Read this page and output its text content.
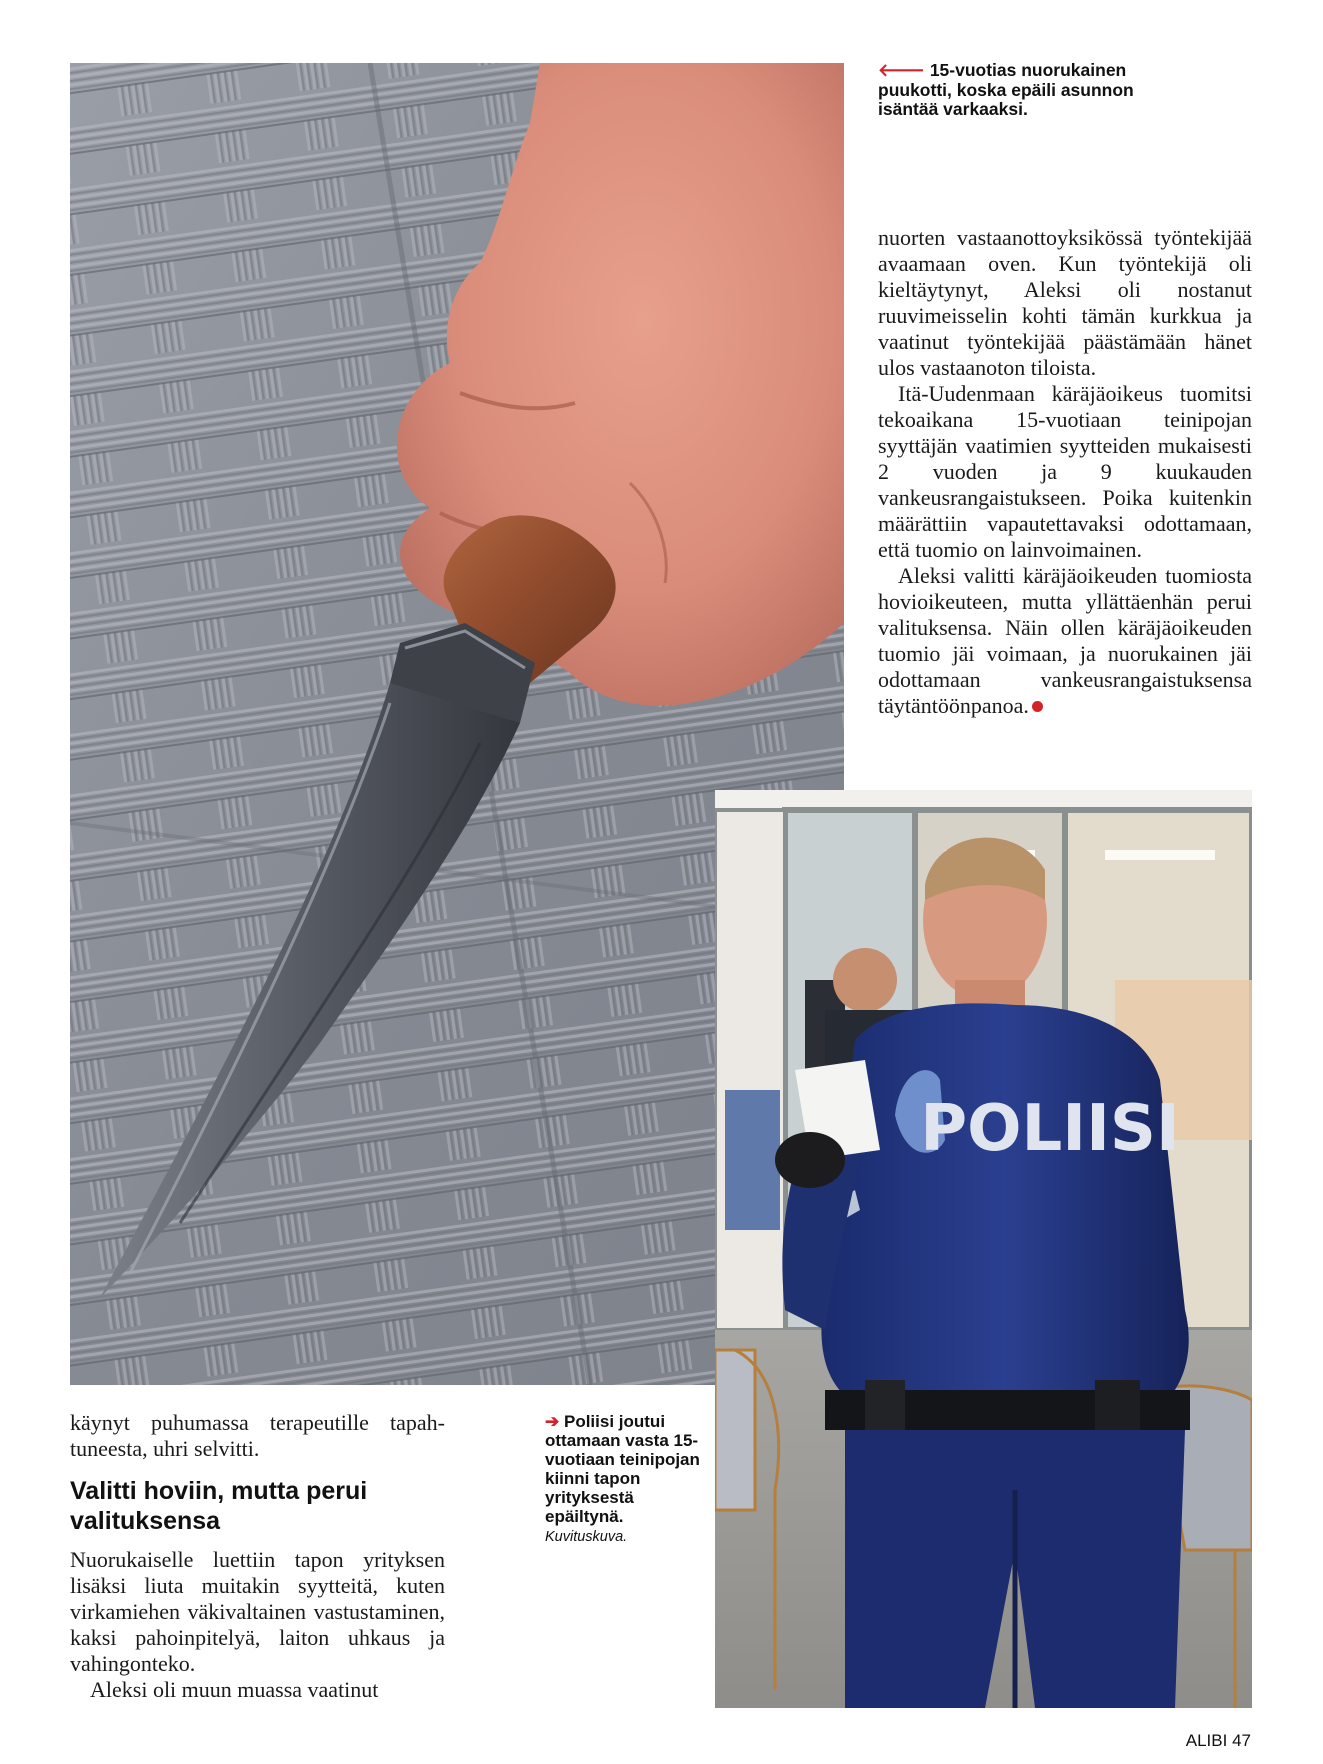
🡐 15-vuotias nuorukainen puukotti, koska epäili asunnon isäntää varkaaksi.

nuorten vastaanottoyksikössä työntekijää avaamaan oven. Kun työntekijä oli kieltäytynyt, Aleksi oli nostanut ruuvimeisselin kohti tämän kurkkua ja vaatinut työntekijää päästämään hänet ulos vastaanoton tiloista.

Itä-Uudenmaan käräjäoikeus tuomitsi tekoaikana 15-vuotiaan teinipojan syyttäjän vaatimien syytteiden mukaisesti 2 vuoden ja 9 kuukauden vankeusrangaistukseen. Poika kuitenkin määrättiin vapautettavaksi odottamaan, että tuomio on lainvoimainen.

Aleksi valitti käräjäoikeuden tuomiosta hovioikeuteen, mutta yllättäenhän perui valituksensa. Näin ollen käräjäoikeuden tuomio jäi voimaan, ja nuorukainen jäi odottamaan vankeusrangaistuksensa täytäntöönpanoa.

POLIISI
➔ Poliisi joutui ottamaan vasta 15-vuotiaan teinipojan kiinni tapon yrityksestä epäiltynä.
Kuvituskuva.

käynyt puhumassa terapeutille tapahtuneesta, uhri selvitti.

Valitti hoviin, mutta perui valituksensa

Nuorukaiselle luettiin tapon yrityksen lisäksi liuta muitakin syytteitä, kuten virkamiehen väkivaltainen vastustaminen, kaksi pahoinpitelyä, laiton uhkaus ja vahingonteko.

Aleksi oli muun muassa vaatinut

ALIBI 47
